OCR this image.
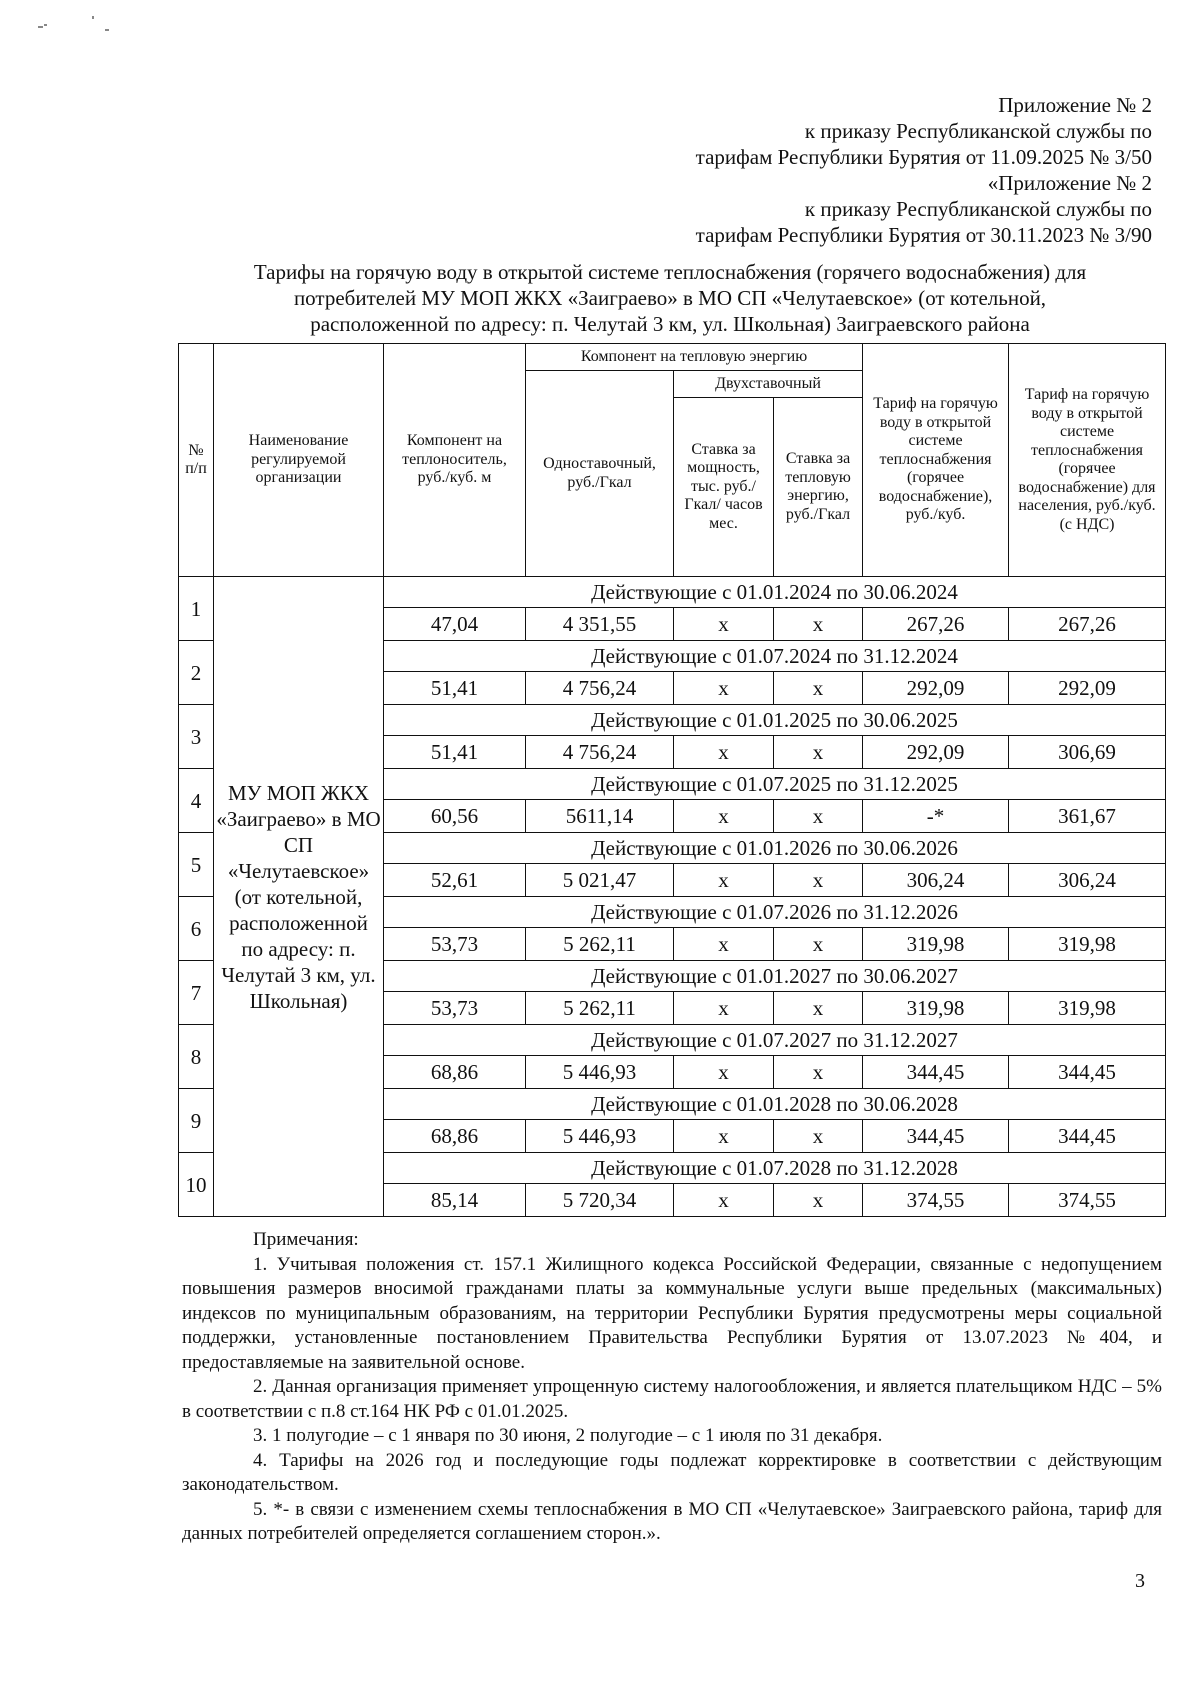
Приложение № 2
к приказу Республиканской службы по
тарифам Республики Бурятия от 11.09.2025 № 3/50
«Приложение № 2
к приказу Республиканской службы по
тарифам Республики Бурятия от 30.11.2023 № 3/90
Тарифы на горячую воду в открытой системе теплоснабжения (горячего водоснабжения) для
потребителей МУ МОП ЖКХ «Заиграево» в МО СП «Челутаевское» (от котельной,
расположенной по адресу: п. Челутай 3 км, ул. Школьная) Заиграевского района
№ п/п	Наименование регулируемой организации	Компонент на теплоноситель, руб./куб. м	Компонент на тепловую энергию			Тариф на горячую воду в открытой системе теплоснабжения (горячее водоснабжение), руб./куб.	Тариф на горячую воду в открытой системе теплоснабжения (горячее водоснабжение) для населения, руб./куб. (с НДС)
			Одноставочный, руб./Гкал	Двухставочный			
				Ставка за мощность, тыс. руб./Гкал/ часов мес.	Ставка за тепловую энергию, руб./Гкал		
1	МУ МОП ЖКХ «Заиграево» в МО СП «Челутаевское» (от котельной, расположенной по адресу: п. Челутай 3 км, ул. Школьная)	Действующие с 01.01.2024 по 30.06.2024					
		47,04	4 351,55	х	х	267,26	267,26
2		Действующие с 01.07.2024 по 31.12.2024					
		51,41	4 756,24	х	х	292,09	292,09
3		Действующие с 01.01.2025 по 30.06.2025					
		51,41	4 756,24	х	х	292,09	306,69
4		Действующие с 01.07.2025 по 31.12.2025					
		60,56	5611,14	х	х	-*	361,67
5		Действующие с 01.01.2026 по 30.06.2026					
		52,61	5 021,47	х	х	306,24	306,24
6		Действующие с 01.07.2026 по 31.12.2026					
		53,73	5 262,11	х	х	319,98	319,98
7		Действующие с 01.01.2027 по 30.06.2027					
		53,73	5 262,11	х	х	319,98	319,98
8		Действующие с 01.07.2027 по 31.12.2027					
		68,86	5 446,93	х	х	344,45	344,45
9		Действующие с 01.01.2028 по 30.06.2028					
		68,86	5 446,93	х	х	344,45	344,45
10		Действующие с 01.07.2028 по 31.12.2028					
		85,14	5 720,34	х	х	374,55	374,55

Примечания:

1. Учитывая положения ст. 157.1 Жилищного кодекса Российской Федерации, связанные с недопущением повышения размеров вносимой гражданами платы за коммунальные услуги выше предельных (максимальных) индексов по муниципальным образованиям, на территории Республики Бурятия предусмотрены меры социальной поддержки, установленные постановлением Правительства Республики Бурятия от 13.07.2023 №404, и предоставляемые на заявительной основе.

2. Данная организация применяет упрощенную систему налогообложения, и является плательщиком НДС – 5% в соответствии с п.8 ст.164 НК РФ с 01.01.2025.

3. 1 полугодие – с 1 января по 30 июня, 2 полугодие – с 1 июля по 31 декабря.

4. Тарифы на 2026 год и последующие годы подлежат корректировке в соответствии с действующим законодательством.

5. *- в связи с изменением схемы теплоснабжения в МО СП «Челутаевское» Заиграевского района, тариф для данных потребителей определяется соглашением сторон.».

3
